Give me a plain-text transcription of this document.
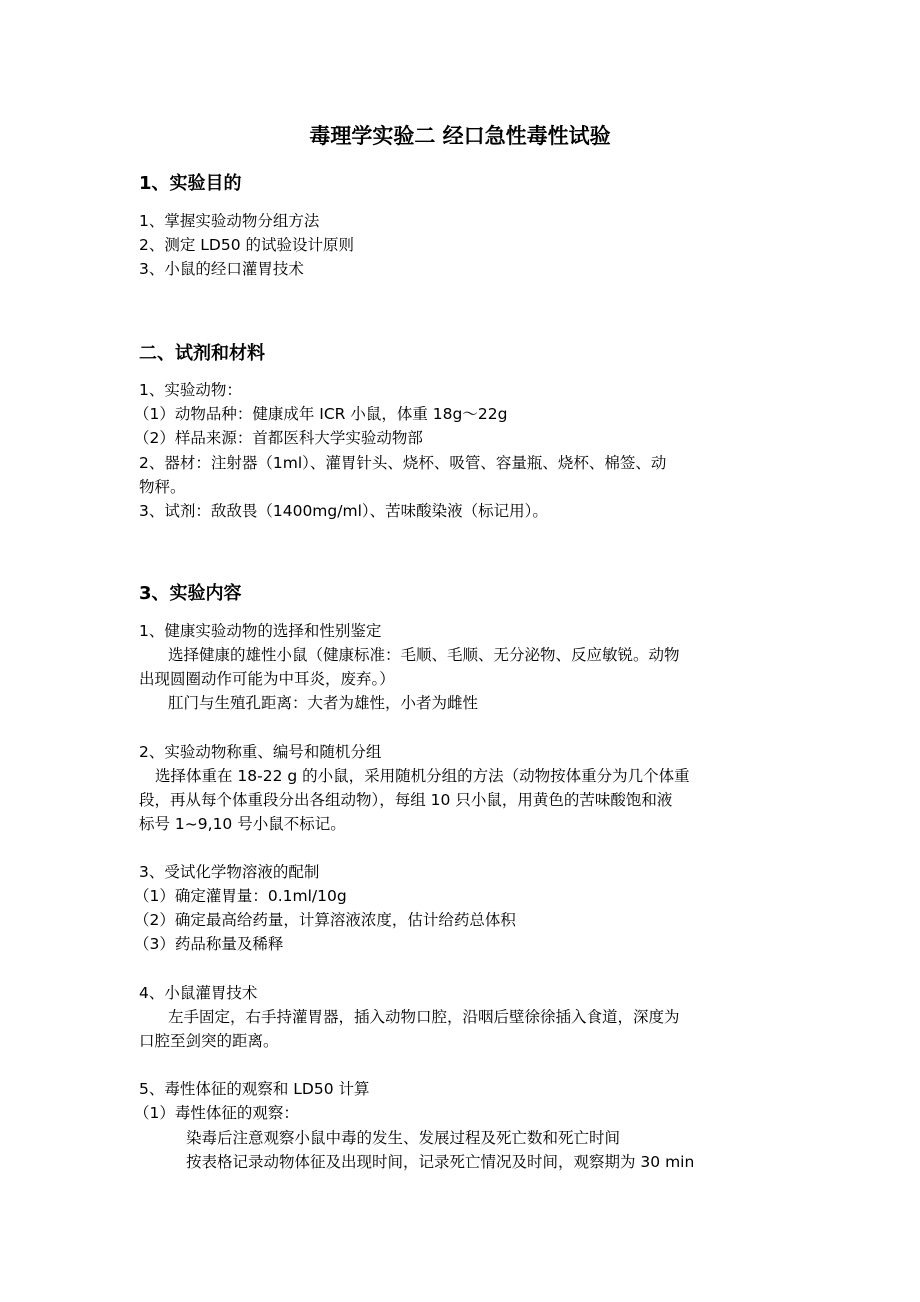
毒理学实验二 经口急性毒性试验
1、实验目的
1、掌握实验动物分组方法
2、测定 LD50 的试验设计原则
3、小鼠的经口灌胃技术
二、试剂和材料
1、实验动物：
（1）动物品种：健康成年 ICR 小鼠，体重 18g～22g
（2）样品来源：首都医科大学实验动物部
2、器材：注射器（1ml）、灌胃针头、烧杯、吸管、容量瓶、烧杯、棉签、动
物秤。
3、试剂：敌敌畏（1400mg/ml）、苦味酸染液（标记用）。
3、实验内容
1、健康实验动物的选择和性别鉴定
选择健康的雄性小鼠（健康标准：毛顺、毛顺、无分泌物、反应敏锐。动物
出现圆圈动作可能为中耳炎，废弃。）
肛门与生殖孔距离：大者为雄性，小者为雌性
2、实验动物称重、编号和随机分组
选择体重在 18-22 g 的小鼠，采用随机分组的方法（动物按体重分为几个体重
段，再从每个体重段分出各组动物），每组 10 只小鼠，用黄色的苦味酸饱和液
标号 1~9,10 号小鼠不标记。
3、受试化学物溶液的配制
（1）确定灌胃量：0.1ml/10g
（2）确定最高给药量，计算溶液浓度，估计给药总体积
（3）药品称量及稀释
4、小鼠灌胃技术
左手固定，右手持灌胃器，插入动物口腔，沿咽后壁徐徐插入食道，深度为
口腔至剑突的距离。
5、毒性体征的观察和 LD50 计算
（1）毒性体征的观察：
染毒后注意观察小鼠中毒的发生、发展过程及死亡数和死亡时间
按表格记录动物体征及出现时间，记录死亡情况及时间，观察期为 30 min
